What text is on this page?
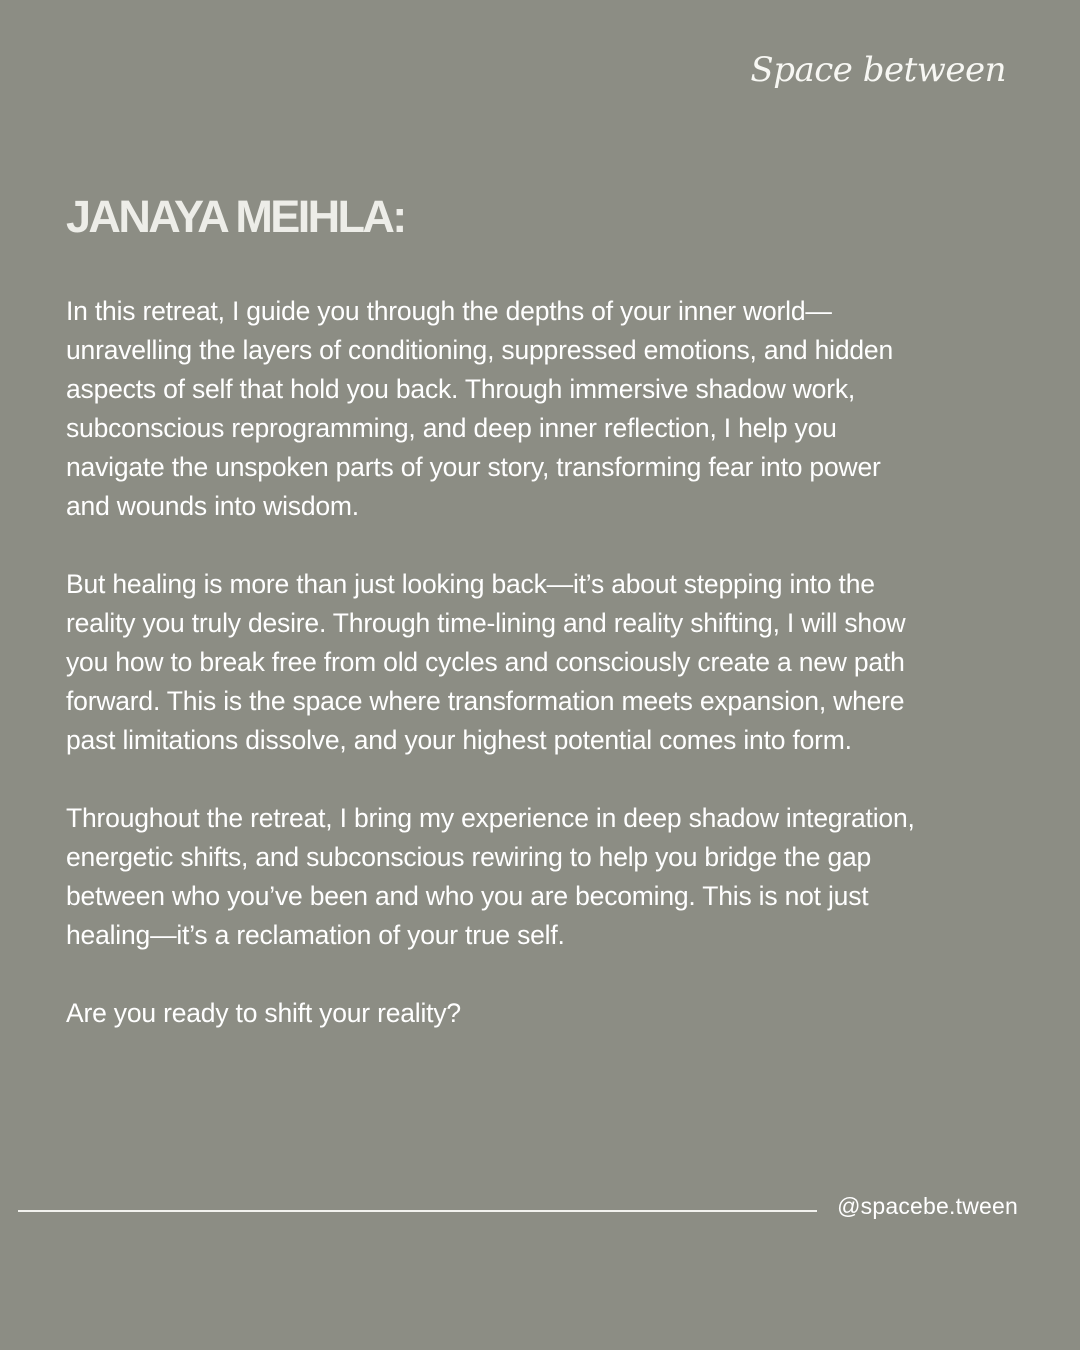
Space between
JANAYA MEIHLA:

In this retreat, I guide you through the depths of your inner world—unravelling the layers of conditioning, suppressed emotions, and hidden aspects of self that hold you back. Through immersive shadow work, subconscious reprogramming, and deep inner reflection, I help you navigate the unspoken parts of your story, transforming fear into power and wounds into wisdom.

But healing is more than just looking back—it’s about stepping into the reality you truly desire. Through time-lining and reality shifting, I will show you how to break free from old cycles and consciously create a new path forward. This is the space where transformation meets expansion, where past limitations dissolve, and your highest potential comes into form.

Throughout the retreat, I bring my experience in deep shadow integration, energetic shifts, and subconscious rewiring to help you bridge the gap between who you’ve been and who you are becoming. This is not just healing—it’s a reclamation of your true self.

Are you ready to shift your reality?

@spacebe.tween
